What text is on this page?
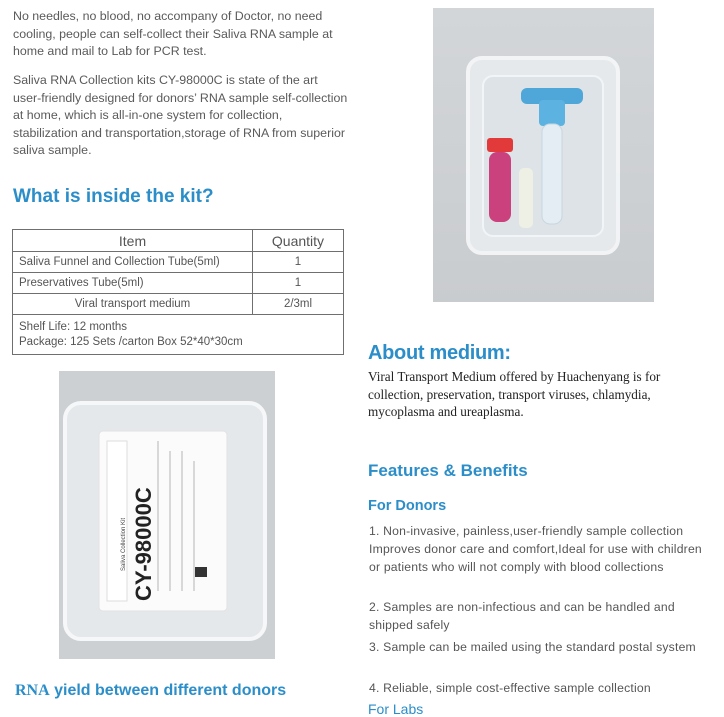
No needles, no blood, no accompany of Doctor, no need cooling, people can self-collect their Saliva RNA sample at home and mail to Lab for PCR test.

Saliva RNA Collection kits CY-98000C is state of the art user-friendly designed for donors’ RNA sample self-collection at home, which is all-in-one system for collection, stabilization and transportation,storage of RNA from superior saliva sample.

What is inside the kit?
Item	Quantity
Saliva Funnel and Collection Tube(5ml)	1
Preservatives Tube(5ml)	1
Viral transport medium	2/3ml

Shelf Life: 12 months
Package: 125 Sets /carton Box 52*40*30cm	
CY-98000C
Saliva Collection Kit
About medium:

Viral Transport Medium offered by Huachenyang is for collection, preservation, transport viruses, chlamydia, mycoplasma and ureaplasma.

Features & Benefits
For Donors

1. Non-invasive, painless,user-friendly sample collection Improves donor care and comfort,Ideal for use with children or patients who will not comply with blood collections

2. Samples are non-infectious and can be handled and shipped safely

3. Sample can be mailed using the standard postal system

4. Reliable, simple cost-effective sample collection

For Labs
RNA yield between different donors
